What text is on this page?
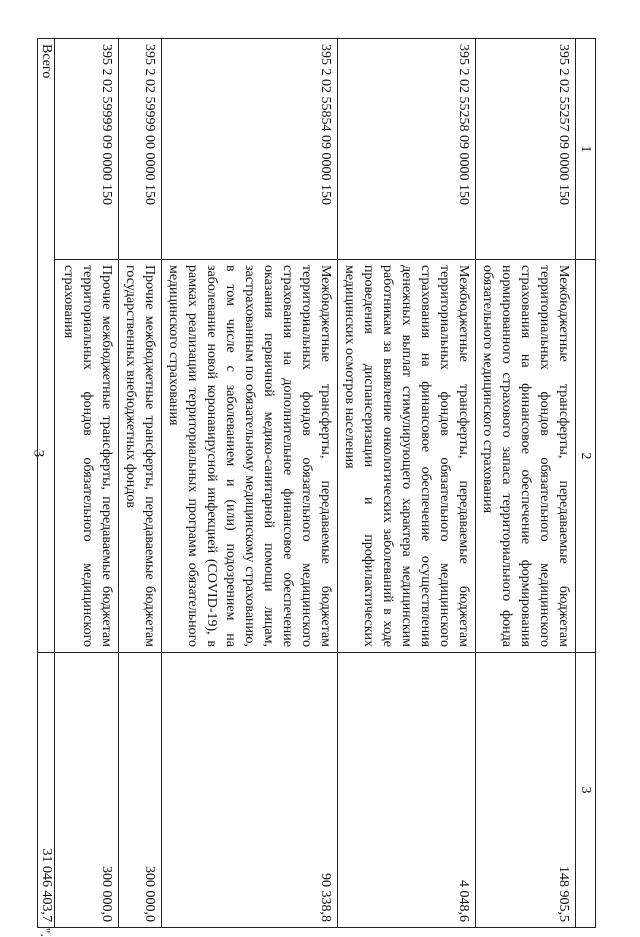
3
1	2	3
395 2 02 55257 09 0000 150	Межбюджетные трансферты, передаваемые бюджетам территориальных фондов обязательного медицинского страхования на финансовое обеспечение формирования нормированного страхового запаса территориального фонда обязательного медицинского страхования	148 905,5
395 2 02 55258 09 0000 150	Межбюджетные трансферты, передаваемые бюджетам территориальных фондов обязательного медицинского страхования на финансовое обеспечение осуществления денежных выплат стимулирующего характера медицинским работникам за выявление онкологических заболеваний в ходе проведения диспансеризации и профилактических медицинских осмотров населения	4 048,6
395 2 02 55854 09 0000 150	Межбюджетные трансферты, передаваемые бюджетам территориальных фондов обязательного медицинского страхования на дополнительное финансовое обеспечение оказания первичной медико-санитарной помощи лицам, застрахованным по обязательному медицинскому страхованию, в том числе с заболеванием и (или) подозрением на заболевание новой коронавирусной инфекцией (COVID-19), в рамках реализации территориальных программ обязательного медицинского страхования	90 338,8
395 2 02 59999 00 0000 150	Прочие межбюджетные трансферты, передаваемые бюджетам государственных внебюджетных фондов	300 000,0
395 2 02 59999 09 0000 150	Прочие межбюджетные трансферты, передаваемые бюджетам территориальных фондов обязательного медицинского страхования	300 000,0
Всего		31 046 403,7
".
